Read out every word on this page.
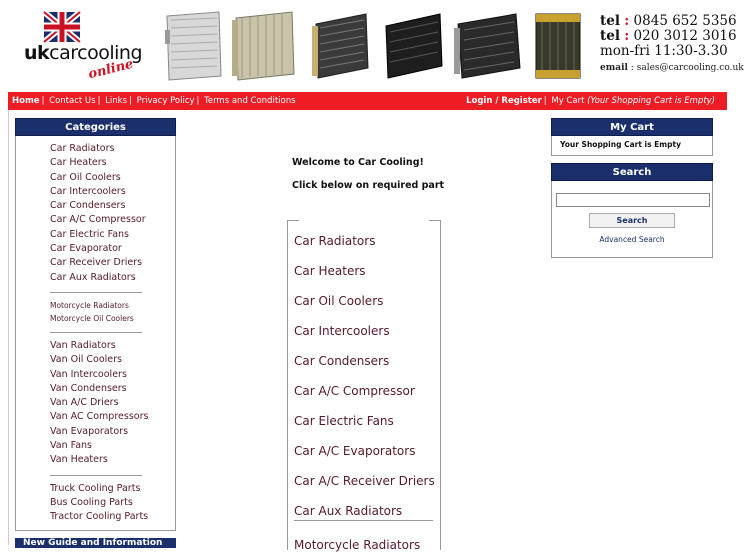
ukcarcooling
online
tel : 0845 652 5356
tel : 020 3012 3016
mon-fri 11:30-3.30
email : sales@carcooling.co.uk
Home | Contact Us | Links | Privacy Policy | Terms and Conditions	Login / Register | My Cart (Your Shopping Cart is Empty)
Categories
Car Radiators
Car Heaters
Car Oil Coolers
Car Intercoolers
Car Condensers
Car A/C Compressor
Car Electric Fans
Car Evaporator
Car Receiver Driers
Car Aux Radiators
Motorcycle Radiators
Motorcycle Oil Coolers
Van Radiators
Van Oil Coolers
Van Intercoolers
Van Condensers
Van A/C Driers
Van AC Compressors
Van Evaporators
Van Fans
Van Heaters
Truck Cooling Parts
Bus Cooling Parts
Tractor Cooling Parts
New Guide and Information
Welcome to Car Cooling!
Click below on required part
Car Radiators
Car Heaters
Car Oil Coolers
Car Intercoolers
Car Condensers
Car A/C Compressor
Car Electric Fans
Car A/C Evaporators
Car A/C Receiver Driers
Car Aux Radiators
Motorcycle Radiators
My Cart
Your Shopping Cart is Empty
Search
Search
Advanced Search
